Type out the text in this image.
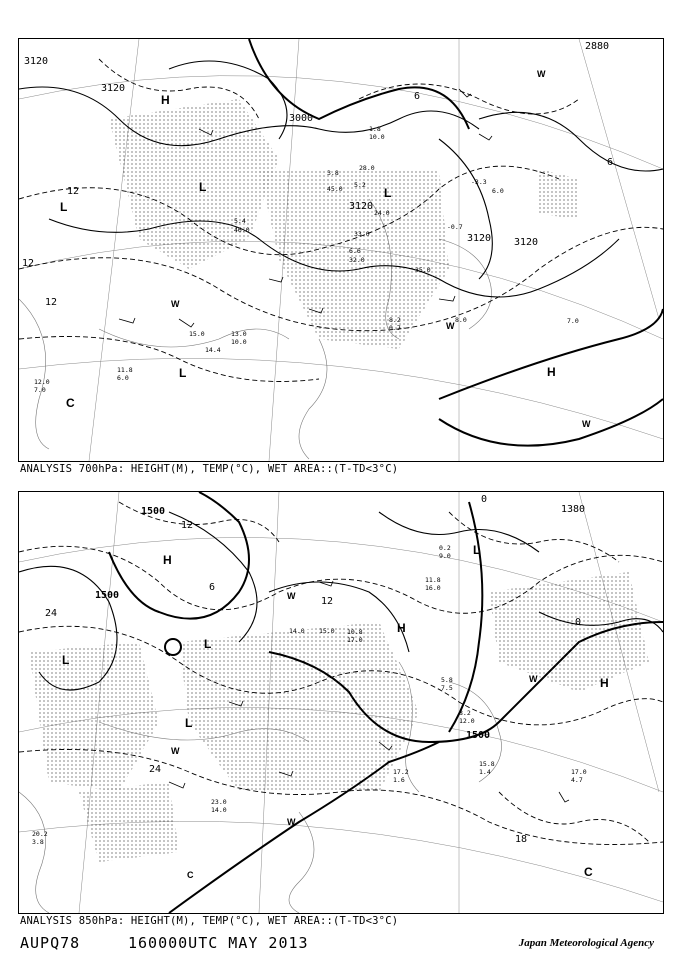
3120
3120
3120
3120
3120
3000
2880
12
12
12
6
6
H
H
L
L
L
L
C
W
W
W
W
1.8
10.0
3.8
45.0 5.2
33.0
5.4
46.0
6.6
32.0
13.0
10.0
15.0
14.4
11.8
6.0
12.0
7.0
-3.3
-0.7
6.0
35.0
8.2
0.7
7.0
8.0
24.0
28.0
ANALYSIS 700hPa: HEIGHT(M), TEMP(°C), WET AREA::(T-TD<3°C)
1500
1500
1500
1380
24
24
18
12
12
6
0
0
H
H
H
L
L
L
L
C
C
W
W
W
W
14.0 15.0
17.0
4.7
15.8
1.4
17.2
1.6
8.2
12.0
20.2
3.8
23.0
14.0
10.8
17.0
5.8
7.5
11.8
16.0
0.2
9.0
ANALYSIS 850hPa: HEIGHT(M), TEMP(°C), WET AREA::(T-TD<3°C)
AUPQ78	160000UTC MAY 2013	Japan Meteorological Agency
